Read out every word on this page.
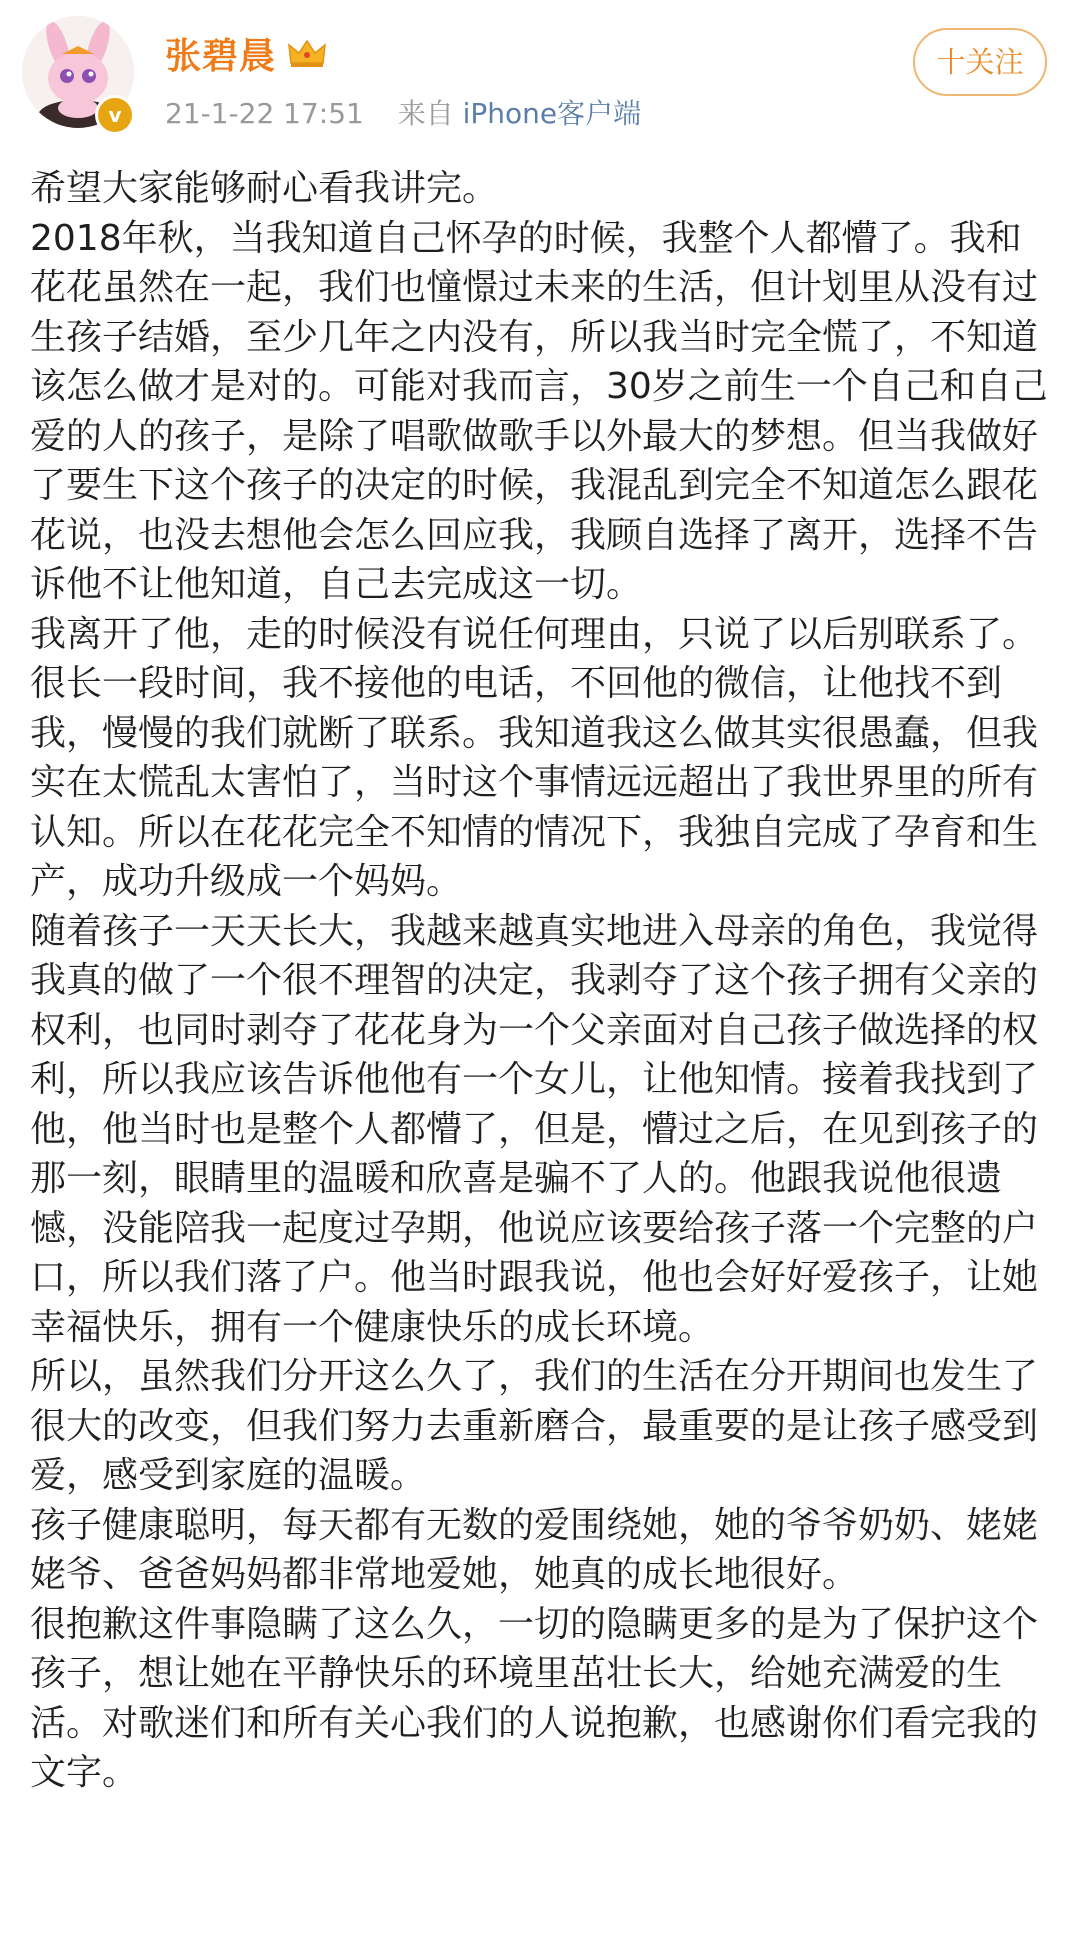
v
张碧晨
21-1-22 17:51 来自 iPhone客户端
十关注

希望大家能够耐心看我讲完。

2018年秋，当我知道自己怀孕的时候，我整个人都懵了。我和花花虽然在一起，我们也憧憬过未来的生活，但计划里从没有过生孩子结婚，至少几年之内没有，所以我当时完全慌了，不知道该怎么做才是对的。可能对我而言，30岁之前生一个自己和自己爱的人的孩子，是除了唱歌做歌手以外最大的梦想。但当我做好了要生下这个孩子的决定的时候，我混乱到完全不知道怎么跟花花说，也没去想他会怎么回应我，我顾自选择了离开，选择不告诉他不让他知道，自己去完成这一切。

我离开了他，走的时候没有说任何理由，只说了以后别联系了。很长一段时间，我不接他的电话，不回他的微信，让他找不到我，慢慢的我们就断了联系。我知道我这么做其实很愚蠢，但我实在太慌乱太害怕了，当时这个事情远远超出了我世界里的所有认知。所以在花花完全不知情的情况下，我独自完成了孕育和生产，成功升级成一个妈妈。

随着孩子一天天长大，我越来越真实地进入母亲的角色，我觉得我真的做了一个很不理智的决定，我剥夺了这个孩子拥有父亲的权利，也同时剥夺了花花身为一个父亲面对自己孩子做选择的权利，所以我应该告诉他他有一个女儿，让他知情。接着我找到了他，他当时也是整个人都懵了，但是，懵过之后，在见到孩子的那一刻，眼睛里的温暖和欣喜是骗不了人的。他跟我说他很遗憾，没能陪我一起度过孕期，他说应该要给孩子落一个完整的户口，所以我们落了户。他当时跟我说，他也会好好爱孩子，让她幸福快乐，拥有一个健康快乐的成长环境。

所以，虽然我们分开这么久了，我们的生活在分开期间也发生了很大的改变，但我们努力去重新磨合，最重要的是让孩子感受到爱，感受到家庭的温暖。

孩子健康聪明，每天都有无数的爱围绕她，她的爷爷奶奶、姥姥姥爷、爸爸妈妈都非常地爱她，她真的成长地很好。

很抱歉这件事隐瞒了这么久，一切的隐瞒更多的是为了保护这个孩子，想让她在平静快乐的环境里茁壮长大，给她充满爱的生活。对歌迷们和所有关心我们的人说抱歉，也感谢你们看完我的文字。
